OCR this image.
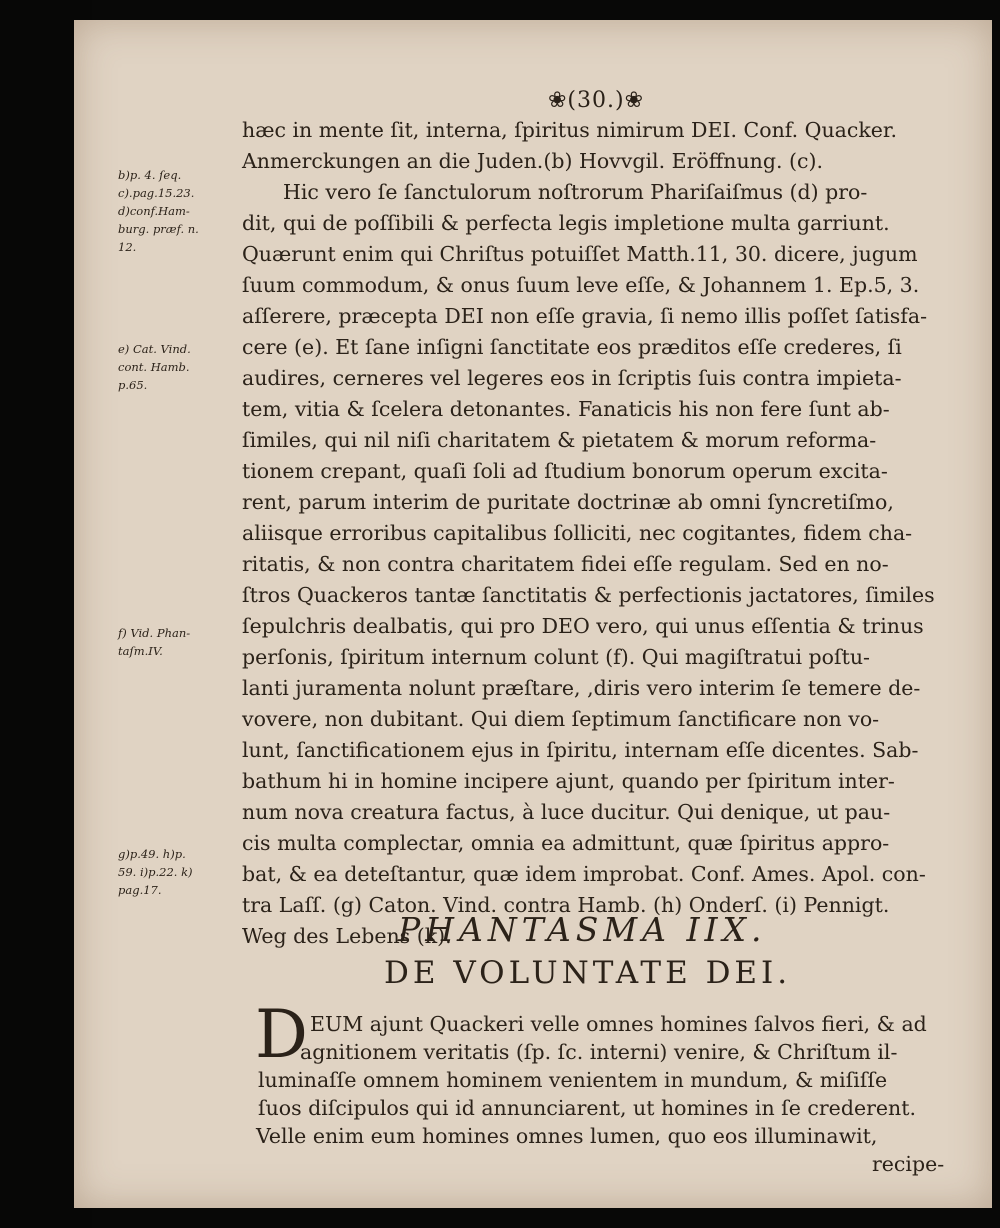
❀(30.)❀
hæc in mente ſit, interna, ſpiritus nimirum DEI. Conf. Quacker.
Anmerckungen an die Juden.(b) Hovvgil. Eröffnung. (c).
Hic vero ſe ſanctulorum noſtrorum Phariſaiſmus (d) pro-
dit, qui de poſſibili & perfecta legis impletione multa garriunt.
Quærunt enim qui Chriſtus potuiſſet Matth.11, 30. dicere, jugum
ſuum commodum, & onus ſuum leve eſſe, & Johannem 1. Ep.5, 3.
aſſerere, præcepta DEI non eſſe gravia, ſi nemo illis poſſet ſatisfa-
cere (e). Et ſane inſigni ſanctitate eos præditos eſſe crederes, ſi
audires, cerneres vel legeres eos in ſcriptis ſuis contra impieta-
tem, vitia & ſcelera detonantes. Fanaticis his non fere ſunt ab-
ſimiles, qui nil niſi charitatem & pietatem & morum reforma-
tionem crepant, quaſi ſoli ad ſtudium bonorum operum excita-
rent, parum interim de puritate doctrinæ ab omni ſyncretiſmo,
aliisque erroribus capitalibus ſolliciti, nec cogitantes, fidem cha-
ritatis, & non contra charitatem fidei eſſe regulam. Sed en no-
ſtros Quackeros tantæ ſanctitatis & perfectionis jactatores, ſimiles
ſepulchris dealbatis, qui pro DEO vero, qui unus eſſentia & trinus
perſonis, ſpiritum internum colunt (f). Qui magiſtratui poſtu-
lanti juramenta nolunt præſtare, ,diris vero interim ſe temere de-
vovere, non dubitant. Qui diem ſeptimum ſanctificare non vo-
lunt, ſanctificationem ejus in ſpiritu, internam eſſe dicentes. Sab-
bathum hi in homine incipere ajunt, quando per ſpiritum inter-
num nova creatura factus, à luce ducitur. Qui denique, ut pau-
cis multa complectar, omnia ea admittunt, quæ ſpiritus appro-
bat, & ea deteſtantur, quæ idem improbat. Conf. Ames. Apol. con-
tra Laſſ. (g) Caton. Vind. contra Hamb. (h) Onderſ. (i) Pennigt.
Weg des Lebens (k).
b)p. 4. ſeq.
c).pag.15.23.
d)conf.Ham-
burg. præf. n.
12.
e) Cat. Vind.
cont. Hamb.
p.65.
f) Vid. Phan-
taſm.IV.
g)p.49. h)p.
59. i)p.22. k)
pag.17.
PHANTASMA IIX.
DE VOLUNTATE DEI.
D EUM ajunt Quackeri velle omnes homines ſalvos fieri, & ad
agnitionem veritatis (ſp. ſc. interni) venire, & Chriſtum il-
luminaſſe omnem hominem venientem in mundum, & miſiſſe
ſuos diſcipulos qui id annunciarent, ut homines in ſe crederent.
Velle enim eum homines omnes lumen, quo eos illuminawit,
recipe-
